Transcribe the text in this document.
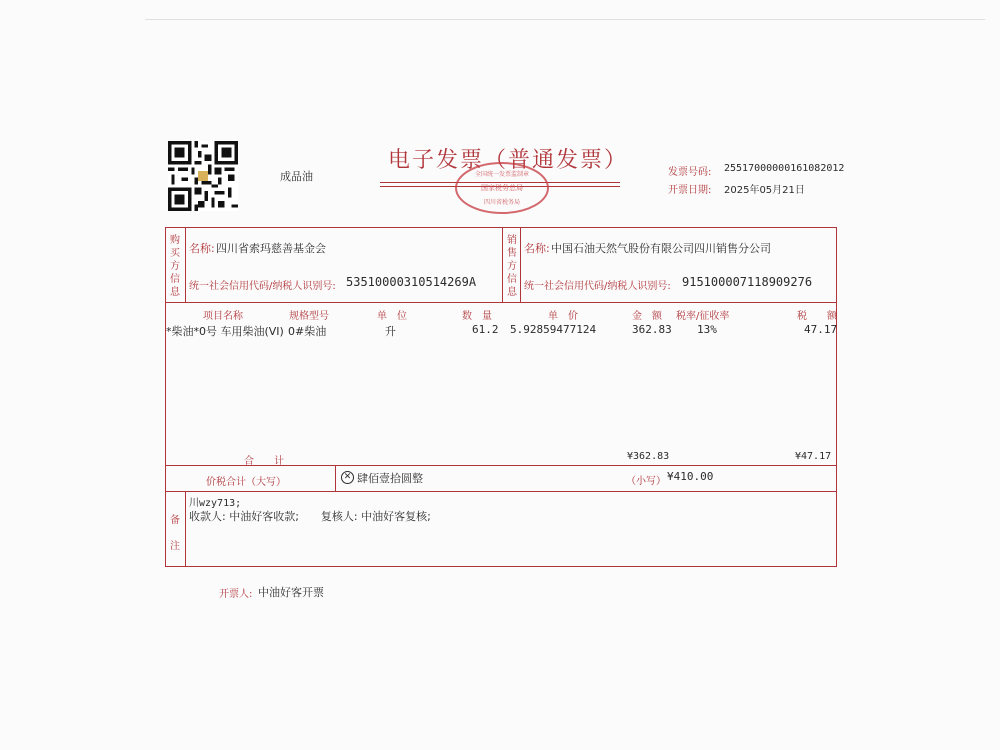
成品油
电子发票（普通发票）
全国统一发票监制章
国家税务总局
四川省税务局
发票号码: 25517000000161082012
开票日期: 2025年05月21日
购
买
方
信
息
销
售
方
信
息
名称: 四川省索玛慈善基金会
统一社会信用代码/纳税人识别号: 53510000310514269A
名称: 中国石油天然气股份有限公司四川销售分公司
统一社会信用代码/纳税人识别号: 915100007118909276
项目名称	规格型号	单　位	数　量	单　价	金　额 税率/征收率	税　　额
*柴油*0号 车用柴油(VI) 0#柴油	升	61.2 5.92859477124	362.83 13%	47.17
合　　计	¥362.83	¥47.17
价税合计（大写）	✕ 肆佰壹拾圆整	（小写） ¥410.00
备
注
川wzy713;
收款人: 中油好客收款;　　复核人: 中油好客复核;
开票人: 中油好客开票
